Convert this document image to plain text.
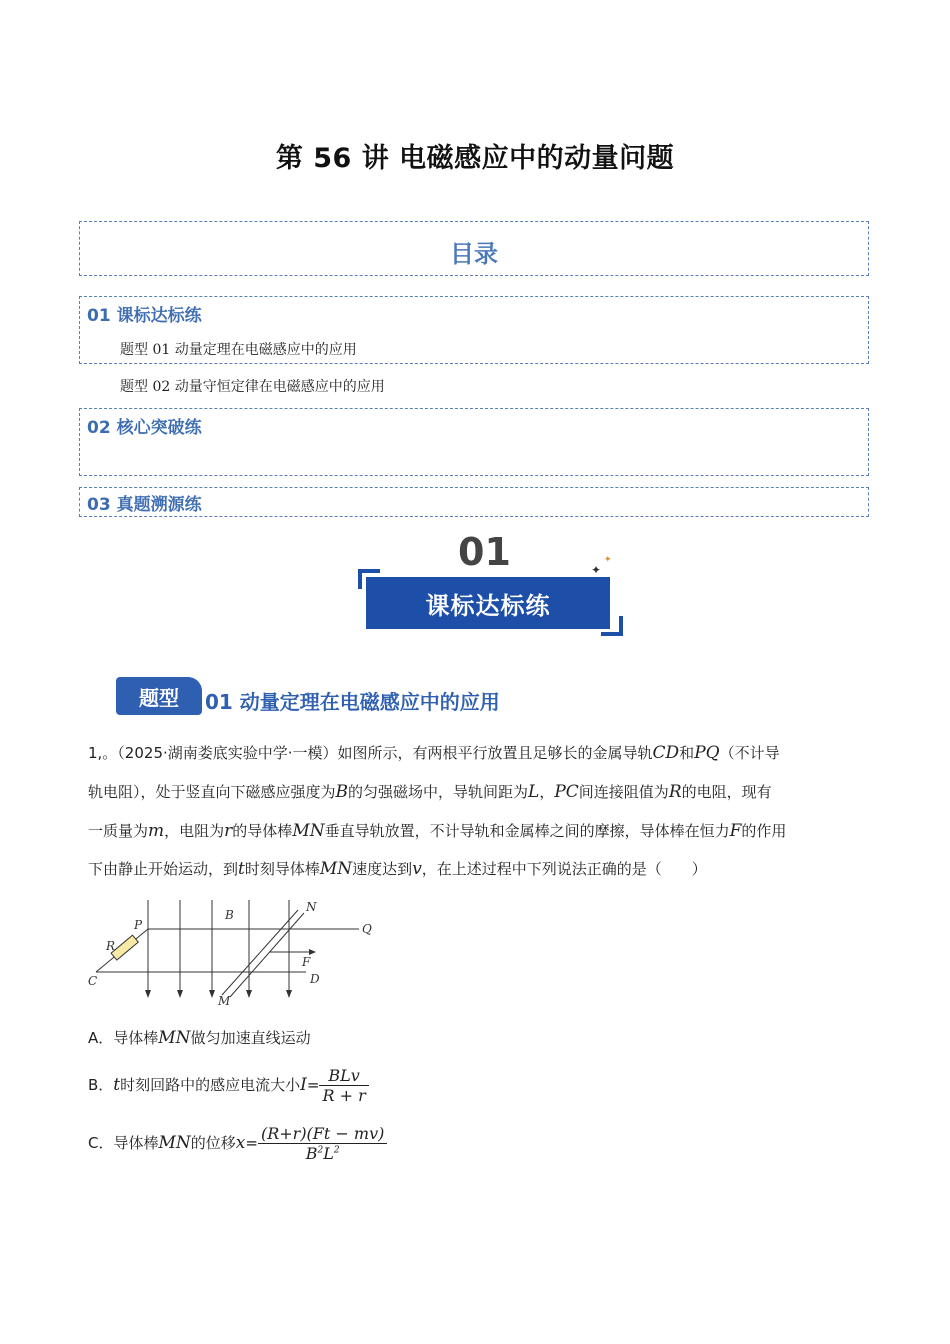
第 56 讲 电磁感应中的动量问题
目录
01 课标达标练
题型 01 动量定理在电磁感应中的应用
题型 02 动量守恒定律在电磁感应中的应用
02 核心突破练
03 真题溯源练
01
课标达标练
✦
✦
题型	01 动量定理在电磁感应中的应用
1,。（2025·湖南娄底实验中学·一模）如图所示，有两根平行放置且足够长的金属导轨CD和PQ（不计导
轨电阻），处于竖直向下磁感应强度为B的匀强磁场中，导轨间距为L，PC间连接阻值为R的电阻，现有
一质量为m，电阻为r的导体棒MN垂直导轨放置，不计导轨和金属棒之间的摩擦，导体棒在恒力F的作用
下由静止开始运动，到t时刻导体棒MN速度达到v，在上述过程中下列说法正确的是（　　）
P
B
N
Q
R
F
C	D
M
A．导体棒MN做匀加速直线运动
B．t时刻回路中的感应电流大小$I= \frac{\text{BLv}}{R + r}$
C．导体棒MN的位移$x= \frac{(R+r)(Ft - mv)}{B^2L^2}$
